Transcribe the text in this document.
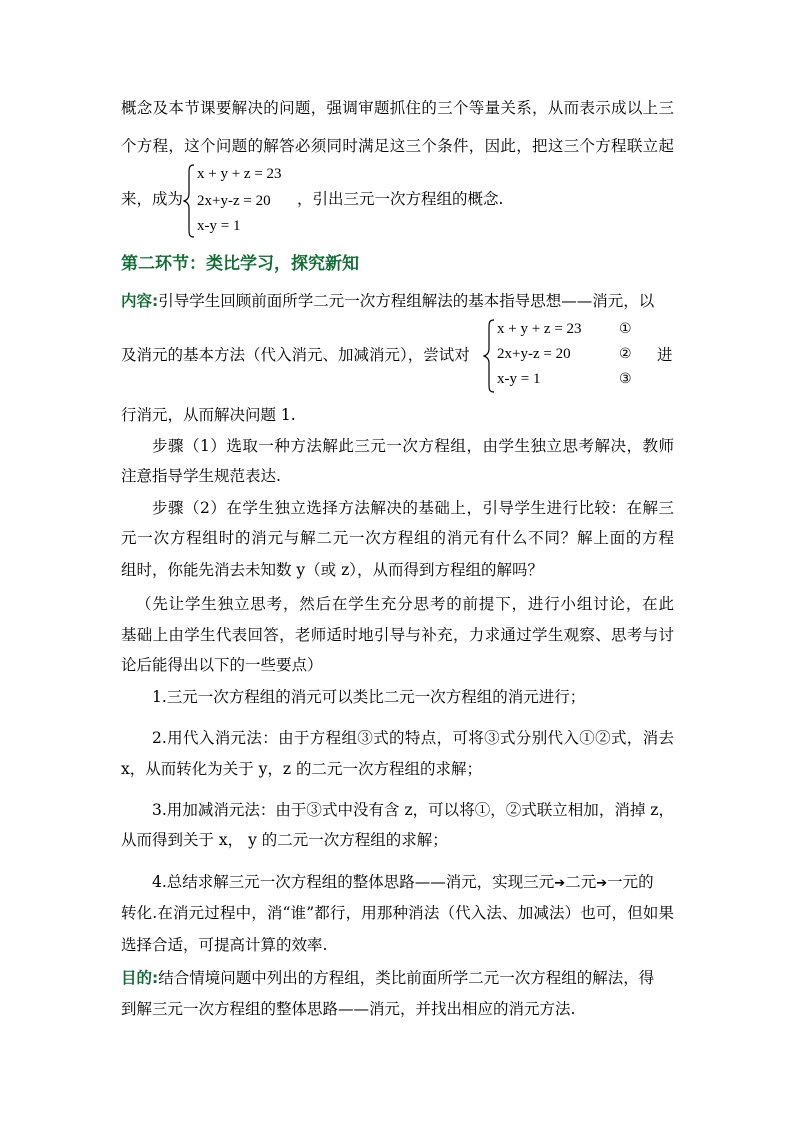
概念及本节课要解决的问题，强调审题抓住的三个等量关系，从而表示成以上三
个方程，这个问题的解答必须同时满足这三个条件，因此，把这三个方程联立起
来，成为
x + y + z = 23
2x+y-z = 20
x-y = 1
，引出三元一次方程组的概念.
第二环节：类比学习，探究新知
内容:引导学生回顾前面所学二元一次方程组解法的基本指导思想——消元，以
及消元的基本方法（代入消元、加减消元），尝试对
x + y + z = 23
2x+y-z = 20
x-y = 1
①
②
③
进
行消元，从而解决问题 1.
步骤（1）选取一种方法解此三元一次方程组，由学生独立思考解决，教师
注意指导学生规范表达.
步骤（2）在学生独立选择方法解决的基础上，引导学生进行比较：在解三
元一次方程组时的消元与解二元一次方程组的消元有什么不同？解上面的方程
组时，你能先消去未知数 y（或 z），从而得到方程组的解吗？
（先让学生独立思考，然后在学生充分思考的前提下，进行小组讨论，在此
基础上由学生代表回答，老师适时地引导与补充，力求通过学生观察、思考与讨
论后能得出以下的一些要点）
1.三元一次方程组的消元可以类比二元一次方程组的消元进行；
2.用代入消元法：由于方程组③式的特点，可将③式分别代入①②式，消去
x，从而转化为关于 y，z 的二元一次方程组的求解；
3.用加减消元法：由于③式中没有含 z，可以将①，②式联立相加，消掉 z，
从而得到关于 x， y 的二元一次方程组的求解；
4.总结求解三元一次方程组的整体思路——消元，实现三元➔二元➔一元的
转化.在消元过程中，消“谁”都行，用那种消法（代入法、加减法）也可，但如果
选择合适，可提高计算的效率.
目的:结合情境问题中列出的方程组，类比前面所学二元一次方程组的解法，得
到解三元一次方程组的整体思路——消元，并找出相应的消元方法.
